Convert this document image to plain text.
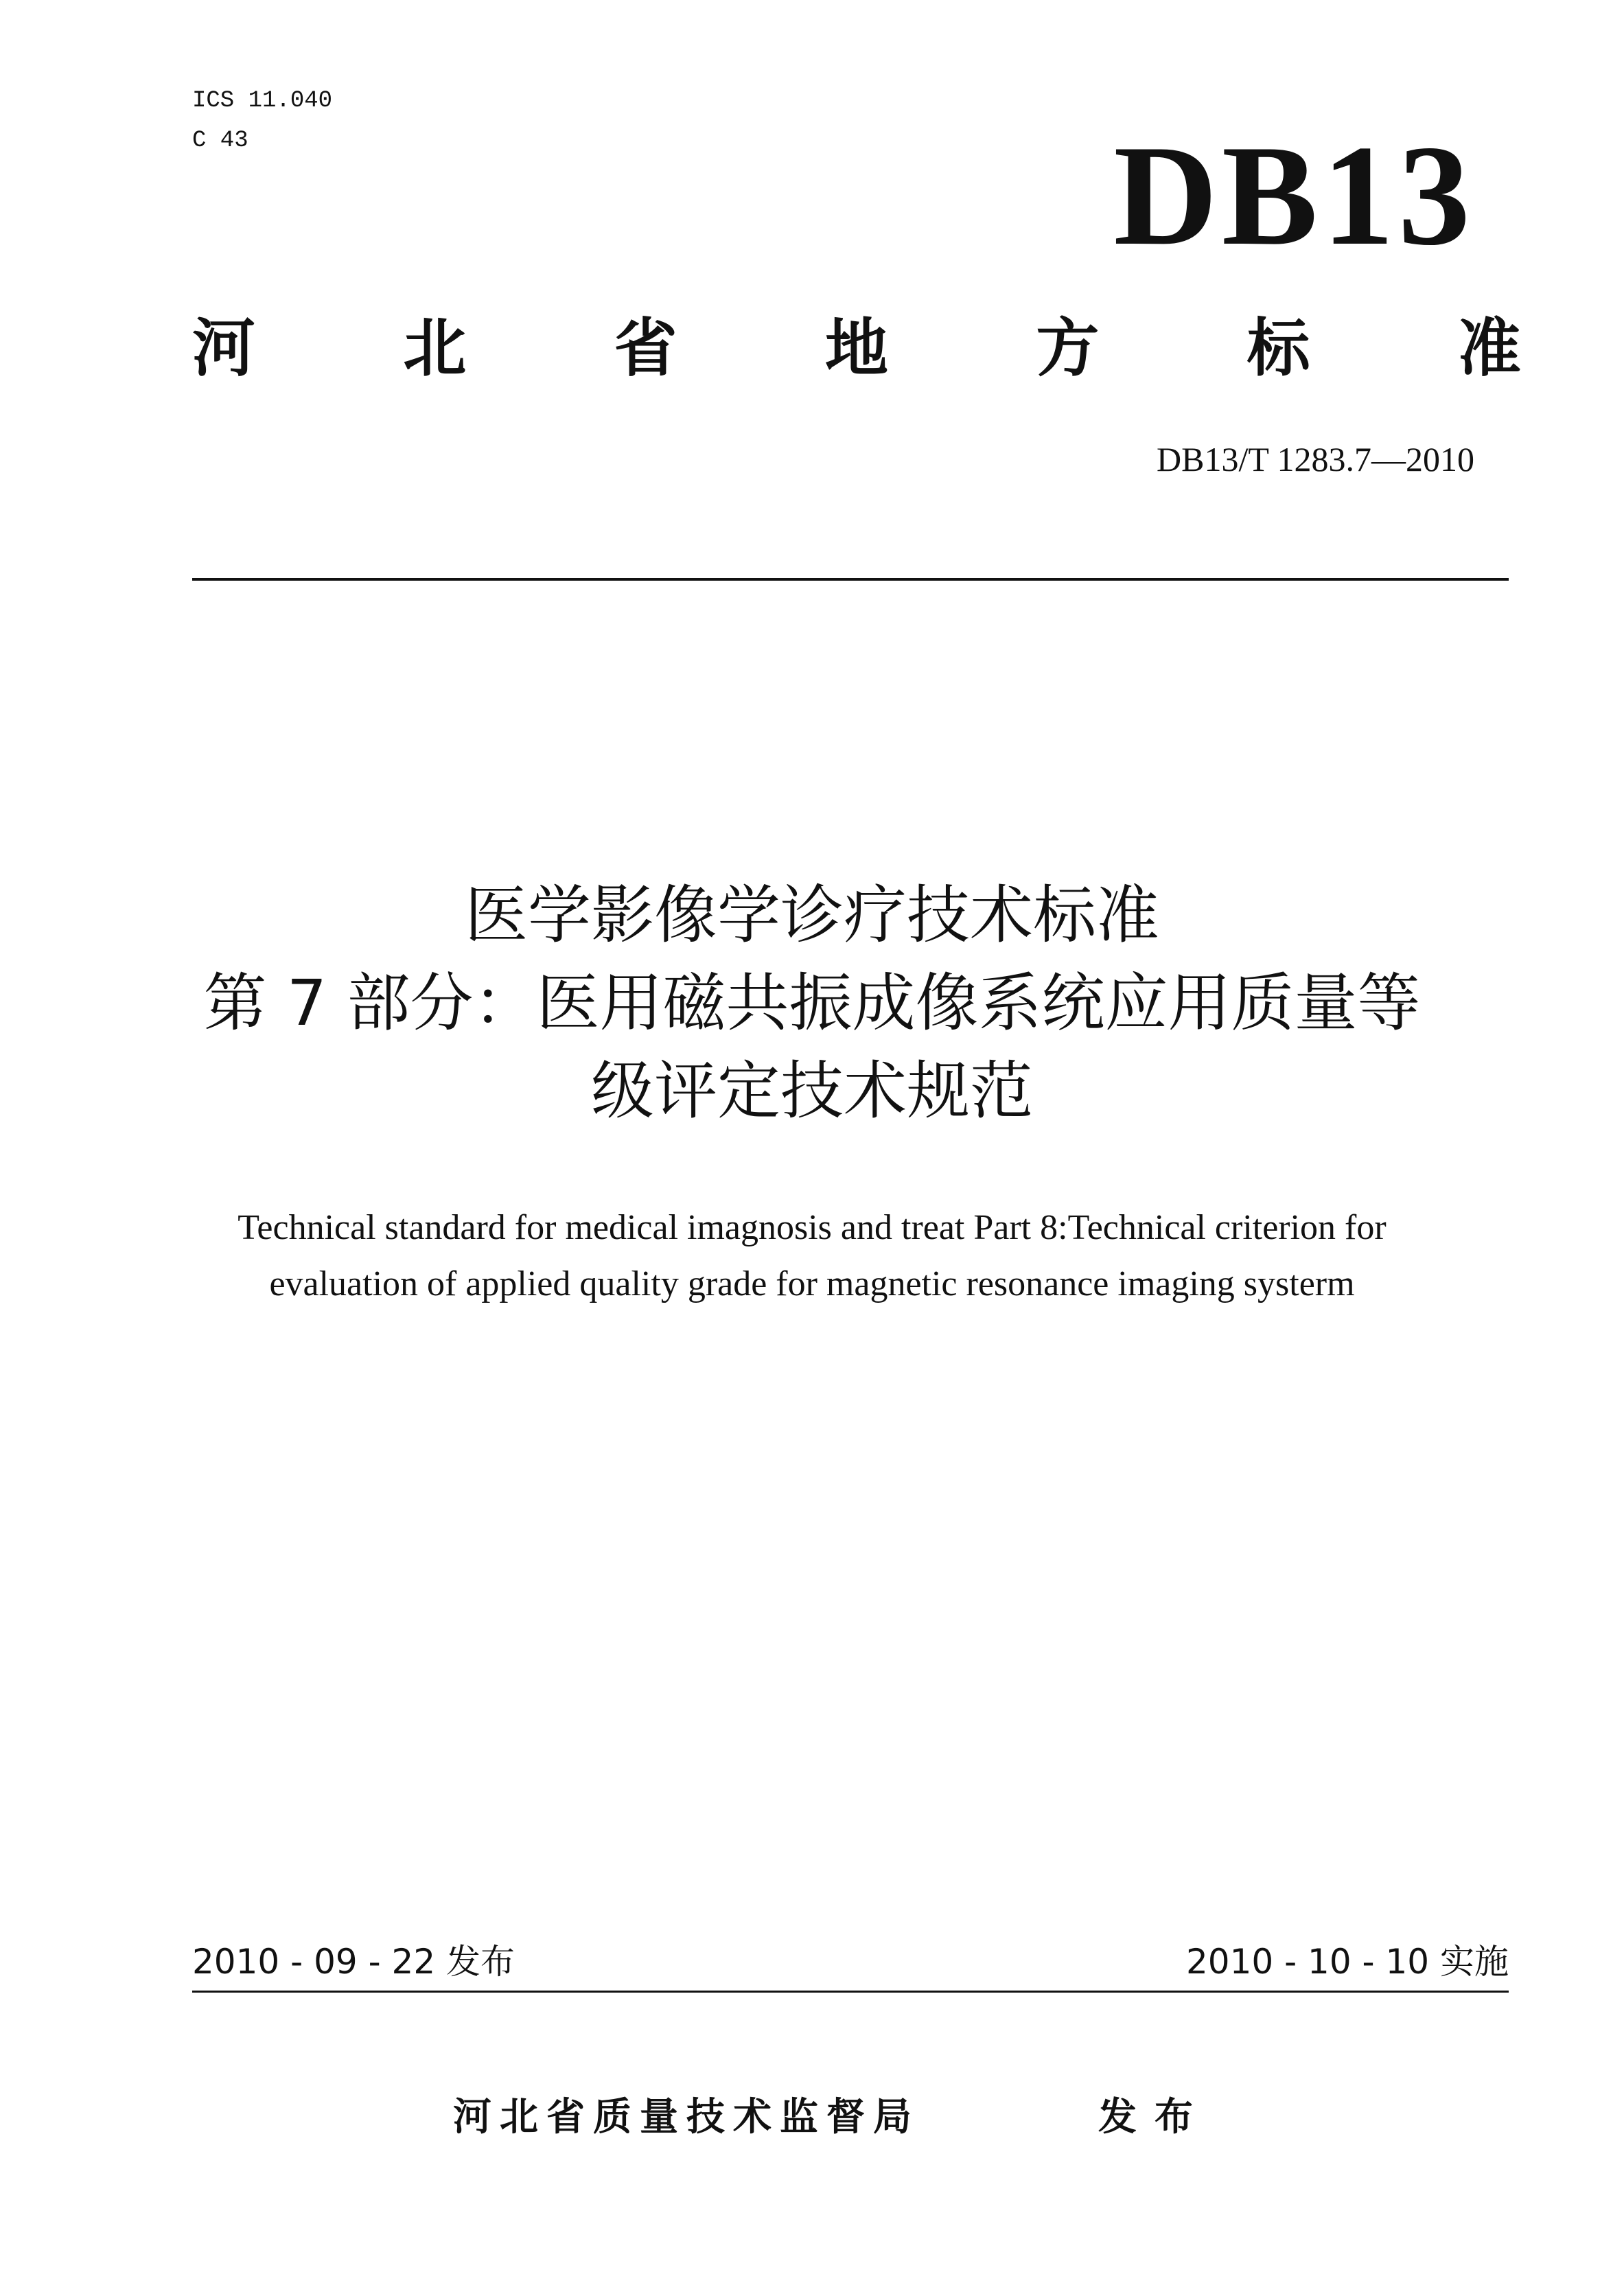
ICS 11.040
C 43	DB13
河 北 省 地 方 标 准
DB13/T 1283.7—2010
医学影像学诊疗技术标准
第 7 部分：医用磁共振成像系统应用质量等
级评定技术规范
Technical standard for medical imagnosis and treat Part 8:Technical criterion for
evaluation of applied quality grade for magnetic resonance imaging systerm
2010 - 09 - 22 发布	2010 - 10 - 10 实施
河北省质量技术监督局	发布
